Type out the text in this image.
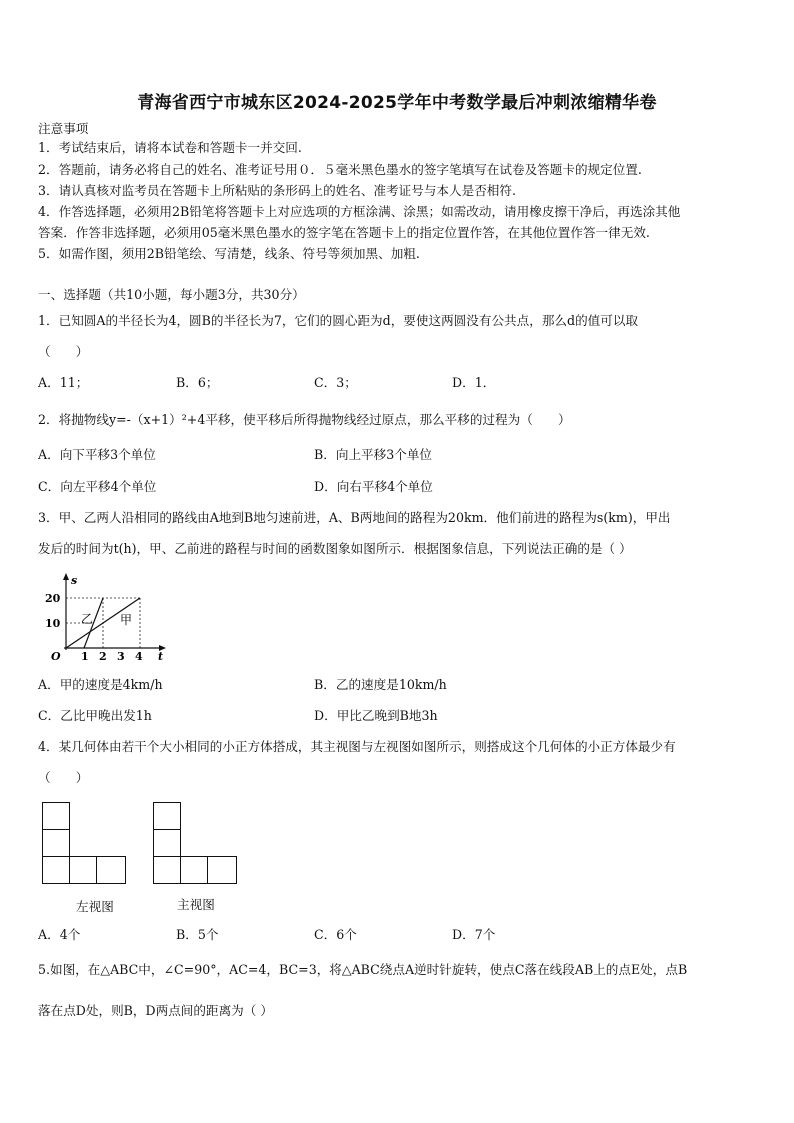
青海省西宁市城东区2024-2025学年中考数学最后冲刺浓缩精华卷
注意事项
1．考试结束后，请将本试卷和答题卡一并交回.
2．答题前，请务必将自己的姓名、准考证号用０．５毫米黑色墨水的签字笔填写在试卷及答题卡的规定位置.
3．请认真核对监考员在答题卡上所粘贴的条形码上的姓名、准考证号与本人是否相符.
4．作答选择题，必须用2B铅笔将答题卡上对应选项的方框涂满、涂黑；如需改动，请用橡皮擦干净后，再选涂其他
答案．作答非选择题，必须用05毫米黑色墨水的签字笔在答题卡上的指定位置作答，在其他位置作答一律无效.
5．如需作图，须用2B铅笔绘、写清楚，线条、符号等须加黑、加粗.
一、选择题（共10小题，每小题3分，共30分）
1．已知圆A的半径长为4，圆B的半径长为7，它们的圆心距为d，要使这两圆没有公共点，那么d的值可以取
（　　）
A．11；	B．6；	C．3；	D．1．
2．将抛物线y=-（x+1）²+4平移，使平移后所得抛物线经过原点，那么平移的过程为（　　）
A．向下平移3个单位	B．向上平移3个单位
C．向左平移4个单位	D．向右平移4个单位
3．甲、乙两人沿相同的路线由A地到B地匀速前进，A、B两地间的路程为20km．他们前进的路程为s(km)，甲出
发后的时间为t(h)，甲、乙前进的路程与时间的函数图象如图所示．根据图象信息，下列说法正确的是（ ）
s
t
O
20
10
1 2 3 4
乙 甲
A．甲的速度是4km/h	B．乙的速度是10km/h
C．乙比甲晚出发1h	D．甲比乙晚到B地3h
4．某几何体由若干个大小相同的小正方体搭成，其主视图与左视图如图所示，则搭成这个几何体的小正方体最少有
（　　）
左视图	主视图
A．4个	B．5个	C．6个	D．7个
5.如图，在△ABC中，∠C=90°，AC=4，BC=3，将△ABC绕点A逆时针旋转，使点C落在线段AB上的点E处，点B
落在点D处，则B，D两点间的距离为（ ）
